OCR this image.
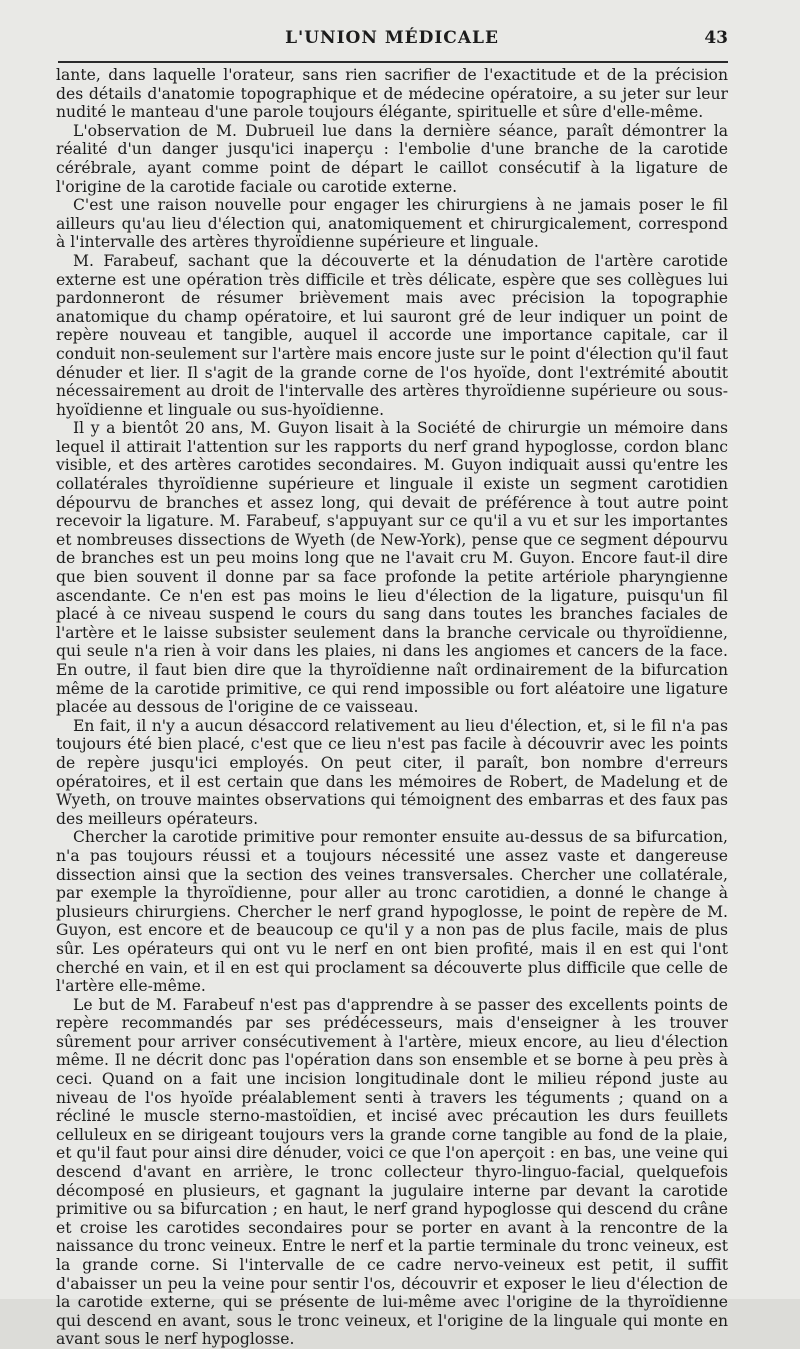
L'UNION MÉDICALE	43

lante, dans laquelle l'orateur, sans rien sacrifier de l'exactitude et de la précision des détails d'anatomie topographique et de médecine opératoire, a su jeter sur leur nudité le manteau d'une parole toujours élégante, spirituelle et sûre d'elle-même.

L'observation de M. Dubrueil lue dans la dernière séance, paraît démontrer la réalité d'un danger jusqu'ici inaperçu : l'embolie d'une branche de la carotide cérébrale, ayant comme point de départ le caillot consécutif à la ligature de l'origine de la carotide faciale ou carotide externe.

C'est une raison nouvelle pour engager les chirurgiens à ne jamais poser le fil ailleurs qu'au lieu d'élection qui, anatomiquement et chirurgicalement, correspond à l'intervalle des artères thyroïdienne supérieure et linguale.

M. Farabeuf, sachant que la découverte et la dénudation de l'artère carotide externe est une opération très difficile et très délicate, espère que ses collègues lui pardonneront de résumer brièvement mais avec précision la topographie anatomique du champ opératoire, et lui sauront gré de leur indiquer un point de repère nouveau et tangible, auquel il accorde une importance capitale, car il conduit non-seulement sur l'artère mais encore juste sur le point d'élection qu'il faut dénuder et lier. Il s'agit de la grande corne de l'os hyoïde, dont l'extrémité aboutit nécessairement au droit de l'intervalle des artères thyroïdienne supérieure ou sous-hyoïdienne et linguale ou sus-hyoïdienne.

Il y a bientôt 20 ans, M. Guyon lisait à la Société de chirurgie un mémoire dans lequel il attirait l'attention sur les rapports du nerf grand hypoglosse, cordon blanc visible, et des artères carotides secondaires. M. Guyon indiquait aussi qu'entre les collatérales thyroïdienne supérieure et linguale il existe un segment carotidien dépourvu de branches et assez long, qui devait de préférence à tout autre point recevoir la ligature. M. Farabeuf, s'appuyant sur ce qu'il a vu et sur les importantes et nombreuses dissections de Wyeth (de New-York), pense que ce segment dépourvu de branches est un peu moins long que ne l'avait cru M. Guyon. Encore faut-il dire que bien souvent il donne par sa face profonde la petite artériole pharyngienne ascendante. Ce n'en est pas moins le lieu d'élection de la ligature, puisqu'un fil placé à ce niveau suspend le cours du sang dans toutes les branches faciales de l'artère et le laisse subsister seulement dans la branche cervicale ou thyroïdienne, qui seule n'a rien à voir dans les plaies, ni dans les angiomes et cancers de la face. En outre, il faut bien dire que la thyroïdienne naît ordinairement de la bifurcation même de la carotide primitive, ce qui rend impossible ou fort aléatoire une ligature placée au dessous de l'origine de ce vaisseau.

En fait, il n'y a aucun désaccord relativement au lieu d'élection, et, si le fil n'a pas toujours été bien placé, c'est que ce lieu n'est pas facile à découvrir avec les points de repère jusqu'ici employés. On peut citer, il paraît, bon nombre d'erreurs opératoires, et il est certain que dans les mémoires de Robert, de Madelung et de Wyeth, on trouve maintes observations qui témoignent des embarras et des faux pas des meilleurs opérateurs.

Chercher la carotide primitive pour remonter ensuite au-dessus de sa bifurcation, n'a pas toujours réussi et a toujours nécessité une assez vaste et dangereuse dissection ainsi que la section des veines transversales. Chercher une collatérale, par exemple la thyroïdienne, pour aller au tronc carotidien, a donné le change à plusieurs chirurgiens. Chercher le nerf grand hypoglosse, le point de repère de M. Guyon, est encore et de beaucoup ce qu'il y a non pas de plus facile, mais de plus sûr. Les opérateurs qui ont vu le nerf en ont bien profité, mais il en est qui l'ont cherché en vain, et il en est qui proclament sa découverte plus difficile que celle de l'artère elle-même.

Le but de M. Farabeuf n'est pas d'apprendre à se passer des excellents points de repère recommandés par ses prédécesseurs, mais d'enseigner à les trouver sûrement pour arriver consécutivement à l'artère, mieux encore, au lieu d'élection même. Il ne décrit donc pas l'opération dans son ensemble et se borne à peu près à ceci. Quand on a fait une incision longitudinale dont le milieu répond juste au niveau de l'os hyoïde préalablement senti à travers les téguments ; quand on a récliné le muscle sterno-mastoïdien, et incisé avec précaution les durs feuillets celluleux en se dirigeant toujours vers la grande corne tangible au fond de la plaie, et qu'il faut pour ainsi dire dénuder, voici ce que l'on aperçoit : en bas, une veine qui descend d'avant en arrière, le tronc collecteur thyro-linguo-facial, quelquefois décomposé en plusieurs, et gagnant la jugulaire interne par devant la carotide primitive ou sa bifurcation ; en haut, le nerf grand hypoglosse qui descend du crâne et croise les carotides secondaires pour se porter en avant à la rencontre de la naissance du tronc veineux. Entre le nerf et la partie terminale du tronc veineux, est la grande corne. Si l'intervalle de ce cadre nervo-veineux est petit, il suffit d'abaisser un peu la veine pour sentir l'os, découvrir et exposer le lieu d'élection de la carotide externe, qui se présente de lui-même avec l'origine de la thyroïdienne qui descend en avant, sous le tronc veineux, et l'origine de la linguale qui monte en avant sous le nerf hypoglosse.
